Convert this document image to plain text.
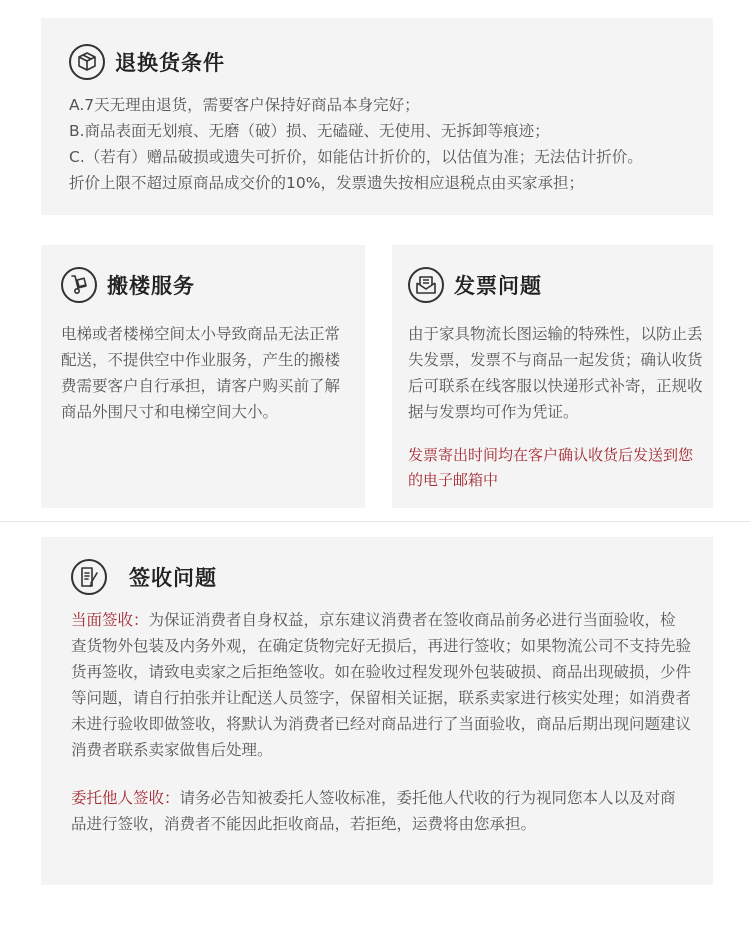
退换货条件
A.7天无理由退货，需要客户保持好商品本身完好；
B.商品表面无划痕、无磨（破）损、无磕碰、无使用、无拆卸等痕迹；
C.（若有）赠品破损或遗失可折价，如能估计折价的，以估值为准；无法估计折价。
折价上限不超过原商品成交价的10%，发票遗失按相应退税点由买家承担；
搬楼服务
电梯或者楼梯空间太小导致商品无法正常配送，不提供空中作业服务，产生的搬楼费需要客户自行承担，请客户购买前了解商品外围尺寸和电梯空间大小。
发票问题
由于家具物流长图运输的特殊性，以防止丢失发票，发票不与商品一起发货；确认收货后可联系在线客服以快递形式补寄，正规收据与发票均可作为凭证。
发票寄出时间均在客户确认收货后发送到您的电子邮箱中
签收问题
当面签收：为保证消费者自身权益，京东建议消费者在签收商品前务必进行当面验收，检查货物外包装及内务外观，在确定货物完好无损后，再进行签收；如果物流公司不支持先验货再签收，请致电卖家之后拒绝签收。如在验收过程发现外包装破损、商品出现破损，少件等问题，请自行拍张并让配送人员签字，保留相关证据，联系卖家进行核实处理；如消费者未进行验收即做签收，将默认为消费者已经对商品进行了当面验收，商品后期出现问题建议消费者联系卖家做售后处理。
委托他人签收：请务必告知被委托人签收标准，委托他人代收的行为视同您本人以及对商品进行签收，消费者不能因此拒收商品，若拒绝，运费将由您承担。
